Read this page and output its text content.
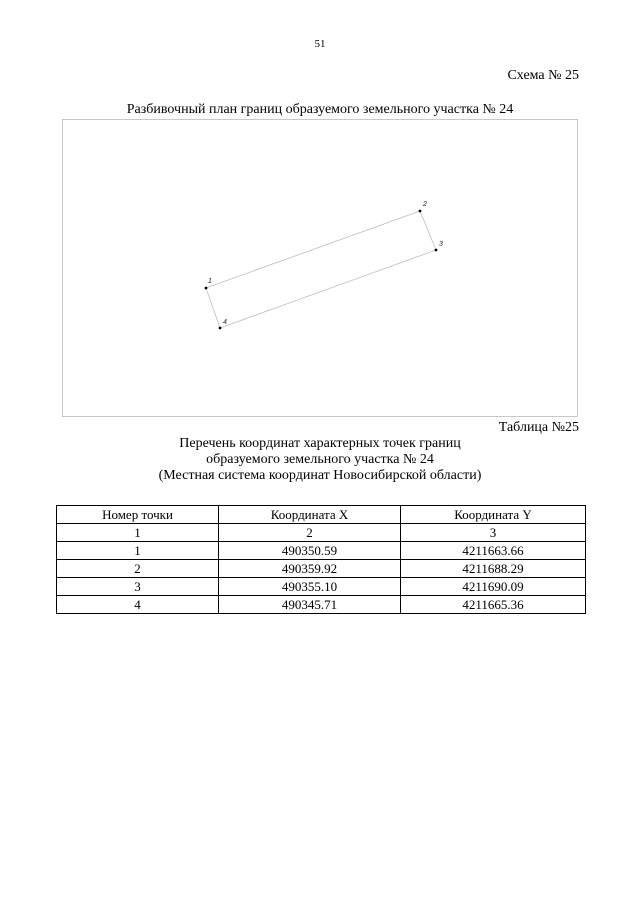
51
Схема № 25
Разбивочный план границ образуемого земельного участка № 24
1
2
3
4
Таблица №25
Перечень координат характерных точек границ
образуемого земельного участка № 24
(Местная система координат Новосибирской области)
Номер точки	Координата X	Координата Y
1	2	3
1	490350.59	4211663.66
2	490359.92	4211688.29
3	490355.10	4211690.09
4	490345.71	4211665.36
